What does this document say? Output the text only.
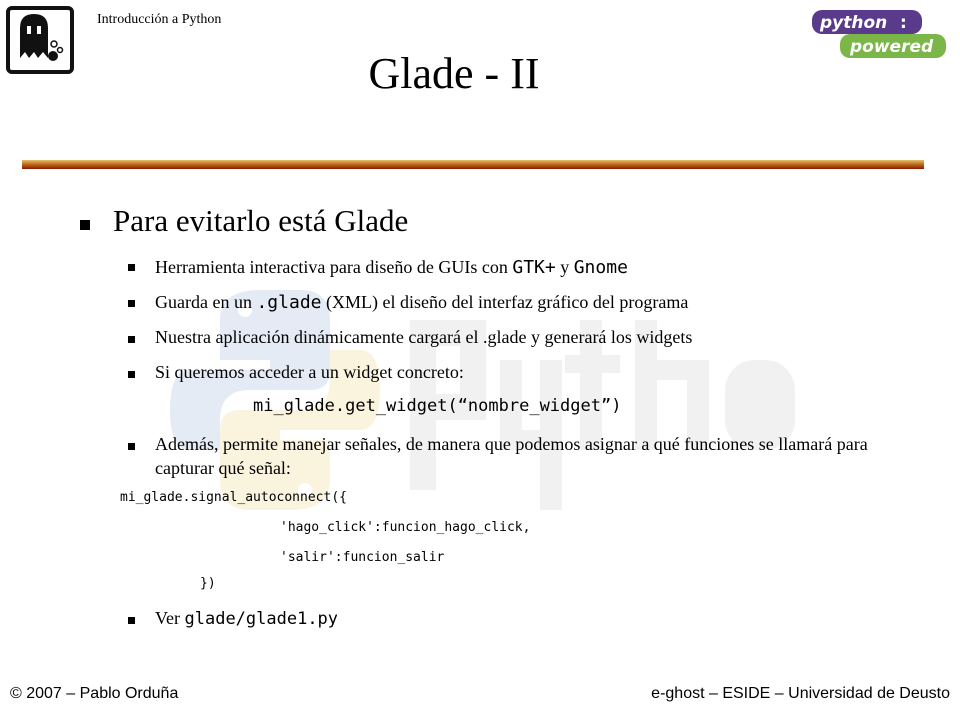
Introducción a Python	python :
powered
Glade - II
Para evitarlo está Glade
Herramienta interactiva para diseño de GUIs con GTK+ y Gnome
Guarda en un .glade (XML) el diseño del interfaz gráfico del programa
Nuestra aplicación dinámicamente cargará el .glade y generará los widgets
Si queremos acceder a un widget concreto:
mi_glade.get_widget(“nombre_widget”)
Además, permite manejar señales, de manera que podemos asignar a qué funciones se llamará para capturar qué señal:
mi_glade.signal_autoconnect({
'hago_click':funcion_hago_click,
'salir':funcion_salir
})
Ver glade/glade1.py
© 2007 – Pablo Orduña	e-ghost – ESIDE – Universidad de Deusto
